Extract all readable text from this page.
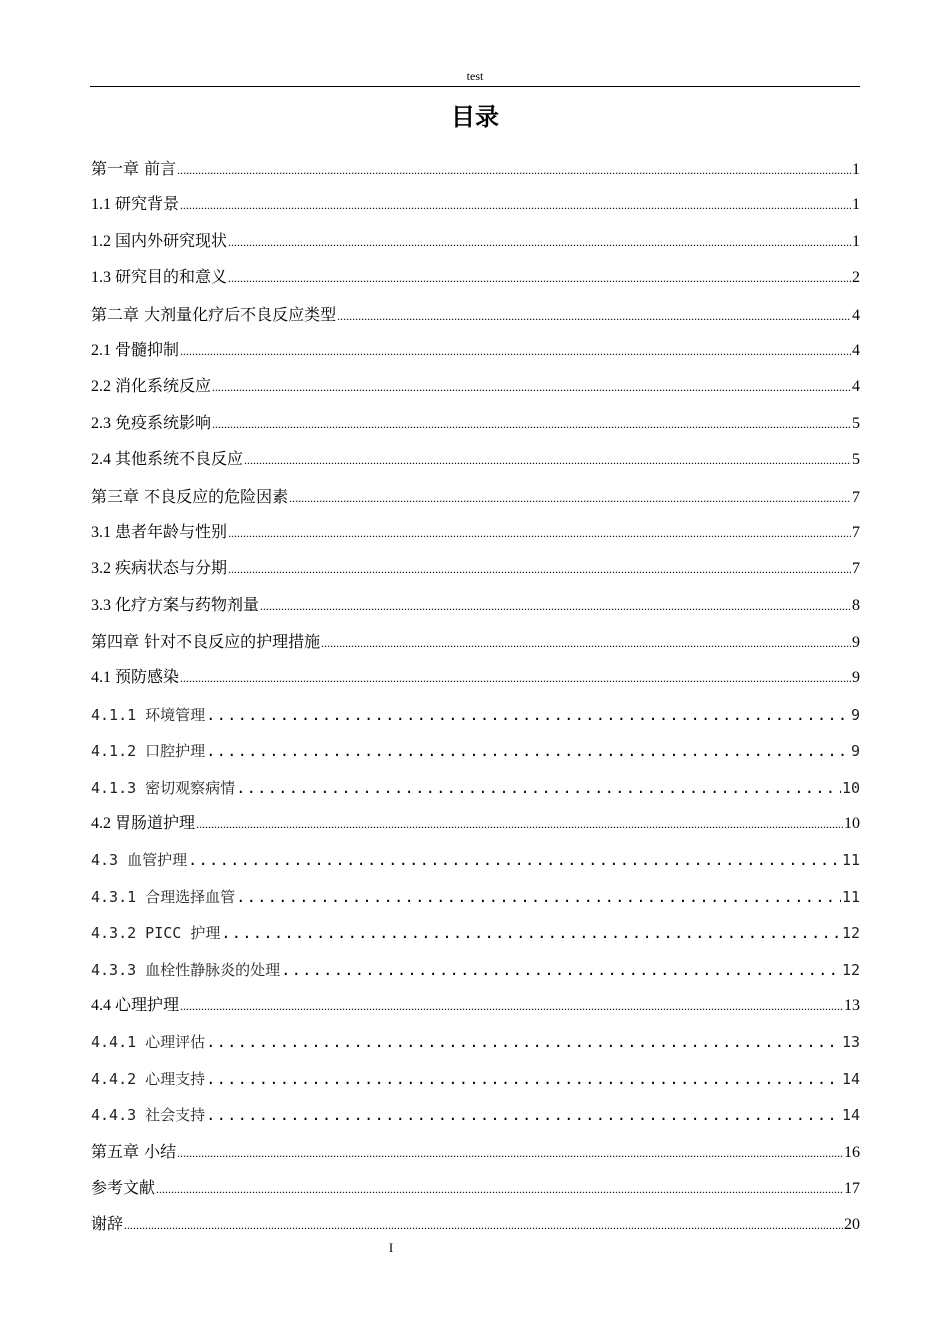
test
目录
第一章 前言 .....	1
1.1 研究背景 .....	1
1.2 国内外研究现状 .....	1
1.3 研究目的和意义 .....	2
第二章 大剂量化疗后不良反应类型 .....	4
2.1 骨髓抑制 .....	4
2.2 消化系统反应 .....	4
2.3 免疫系统影响 .....	5
2.4 其他系统不良反应 .....	5
第三章 不良反应的危险因素 .....	7
3.1 患者年龄与性别 .....	7
3.2 疾病状态与分期 .....	7
3.3 化疗方案与药物剂量 .....	8
第四章 针对不良反应的护理措施 .....	9
4.1 预防感染 .....	9
4.1.1 环境管理 .....	9
4.1.2 口腔护理 .....	9
4.1.3 密切观察病情 .....	10
4.2 胃肠道护理 .....	10
4.3 血管护理 .....	11
4.3.1 合理选择血管 .....	11
4.3.2 PICC 护理 .....	12
4.3.3 血栓性静脉炎的处理 .....	12
4.4 心理护理 .....	13
4.4.1 心理评估 .....	13
4.4.2 心理支持 .....	14
4.4.3 社会支持 .....	14
第五章 小结 .....	16
参考文献 .....	17
谢辞 .....	20
I
